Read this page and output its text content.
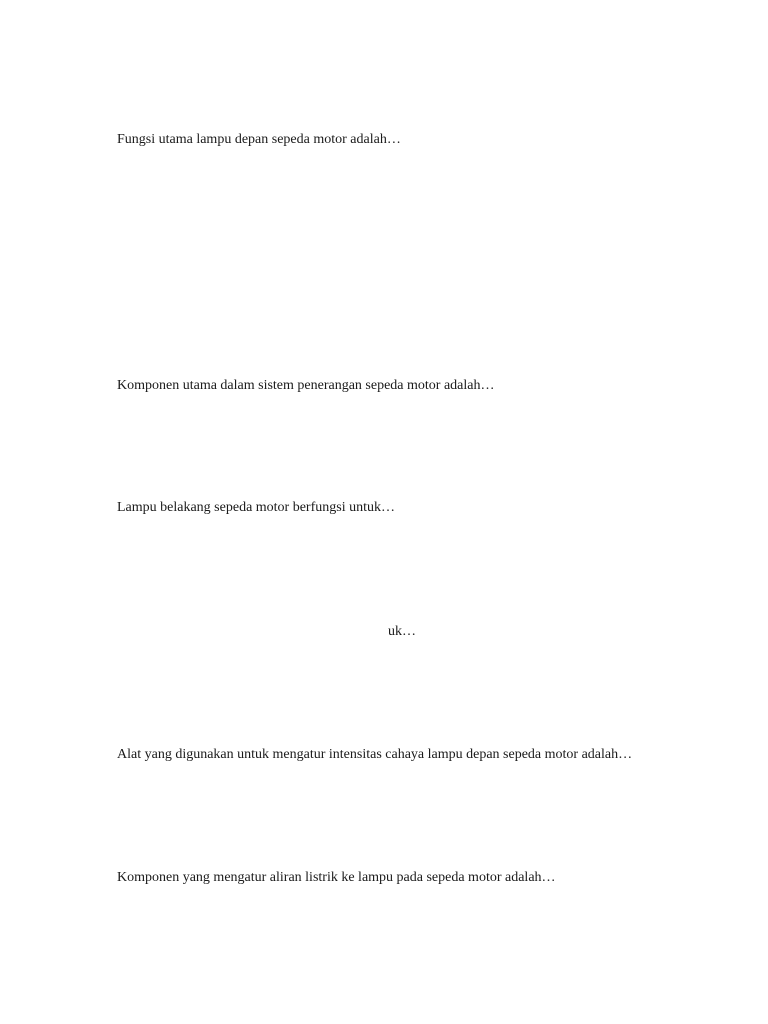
Fungsi utama lampu depan sepeda motor adalah…

Komponen utama dalam sistem penerangan sepeda motor adalah…

Lampu belakang sepeda motor berfungsi untuk…

uk…

Alat yang digunakan untuk mengatur intensitas cahaya lampu depan sepeda motor adalah…

Komponen yang mengatur aliran listrik ke lampu pada sepeda motor adalah…
